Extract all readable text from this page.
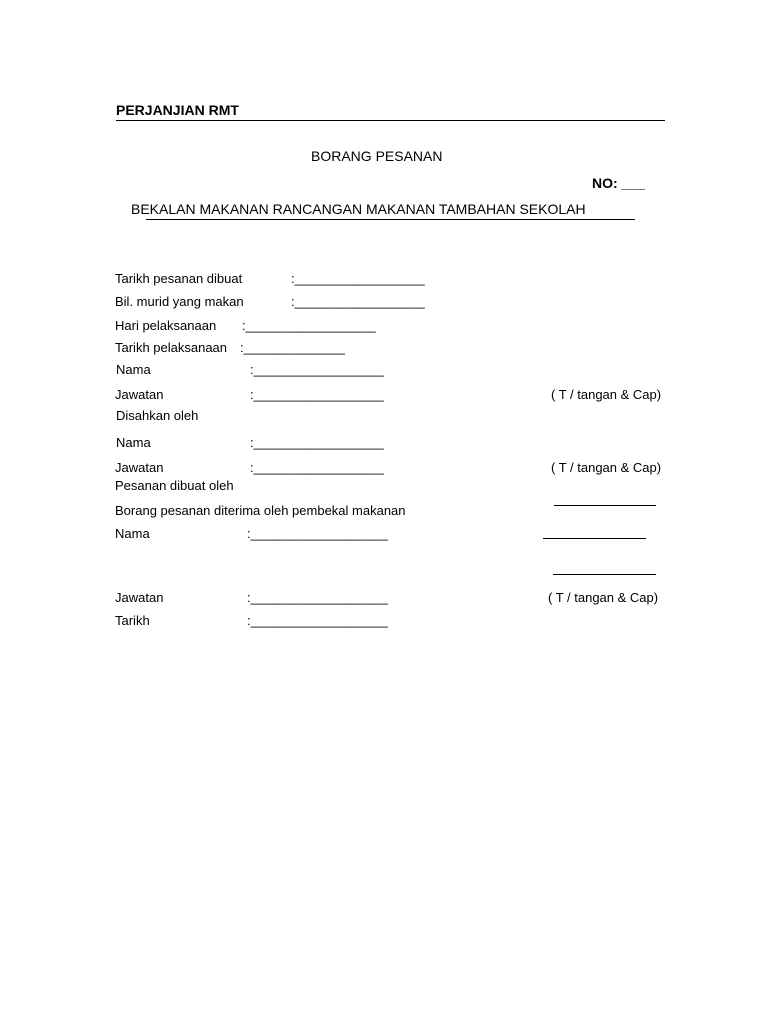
PERJANJIAN RMT
BORANG PESANAN
NO: ___
BEKALAN MAKANAN RANCANGAN MAKANAN TAMBAHAN SEKOLAH
Tarikh pesanan dibuat	:__________________
Bil. murid yang makan	:__________________
Hari pelaksanaan :__________________
Tarikh pelaksanaan :______________
Nama	:__________________
Jawatan	:__________________	( T / tangan & Cap)
Disahkan oleh
Nama	:__________________
Jawatan	:__________________	( T / tangan & Cap)
Pesanan dibuat oleh
Borang pesanan diterima oleh pembekal makanan
Nama	:___________________
Jawatan	:___________________	( T / tangan & Cap)
Tarikh	:___________________
